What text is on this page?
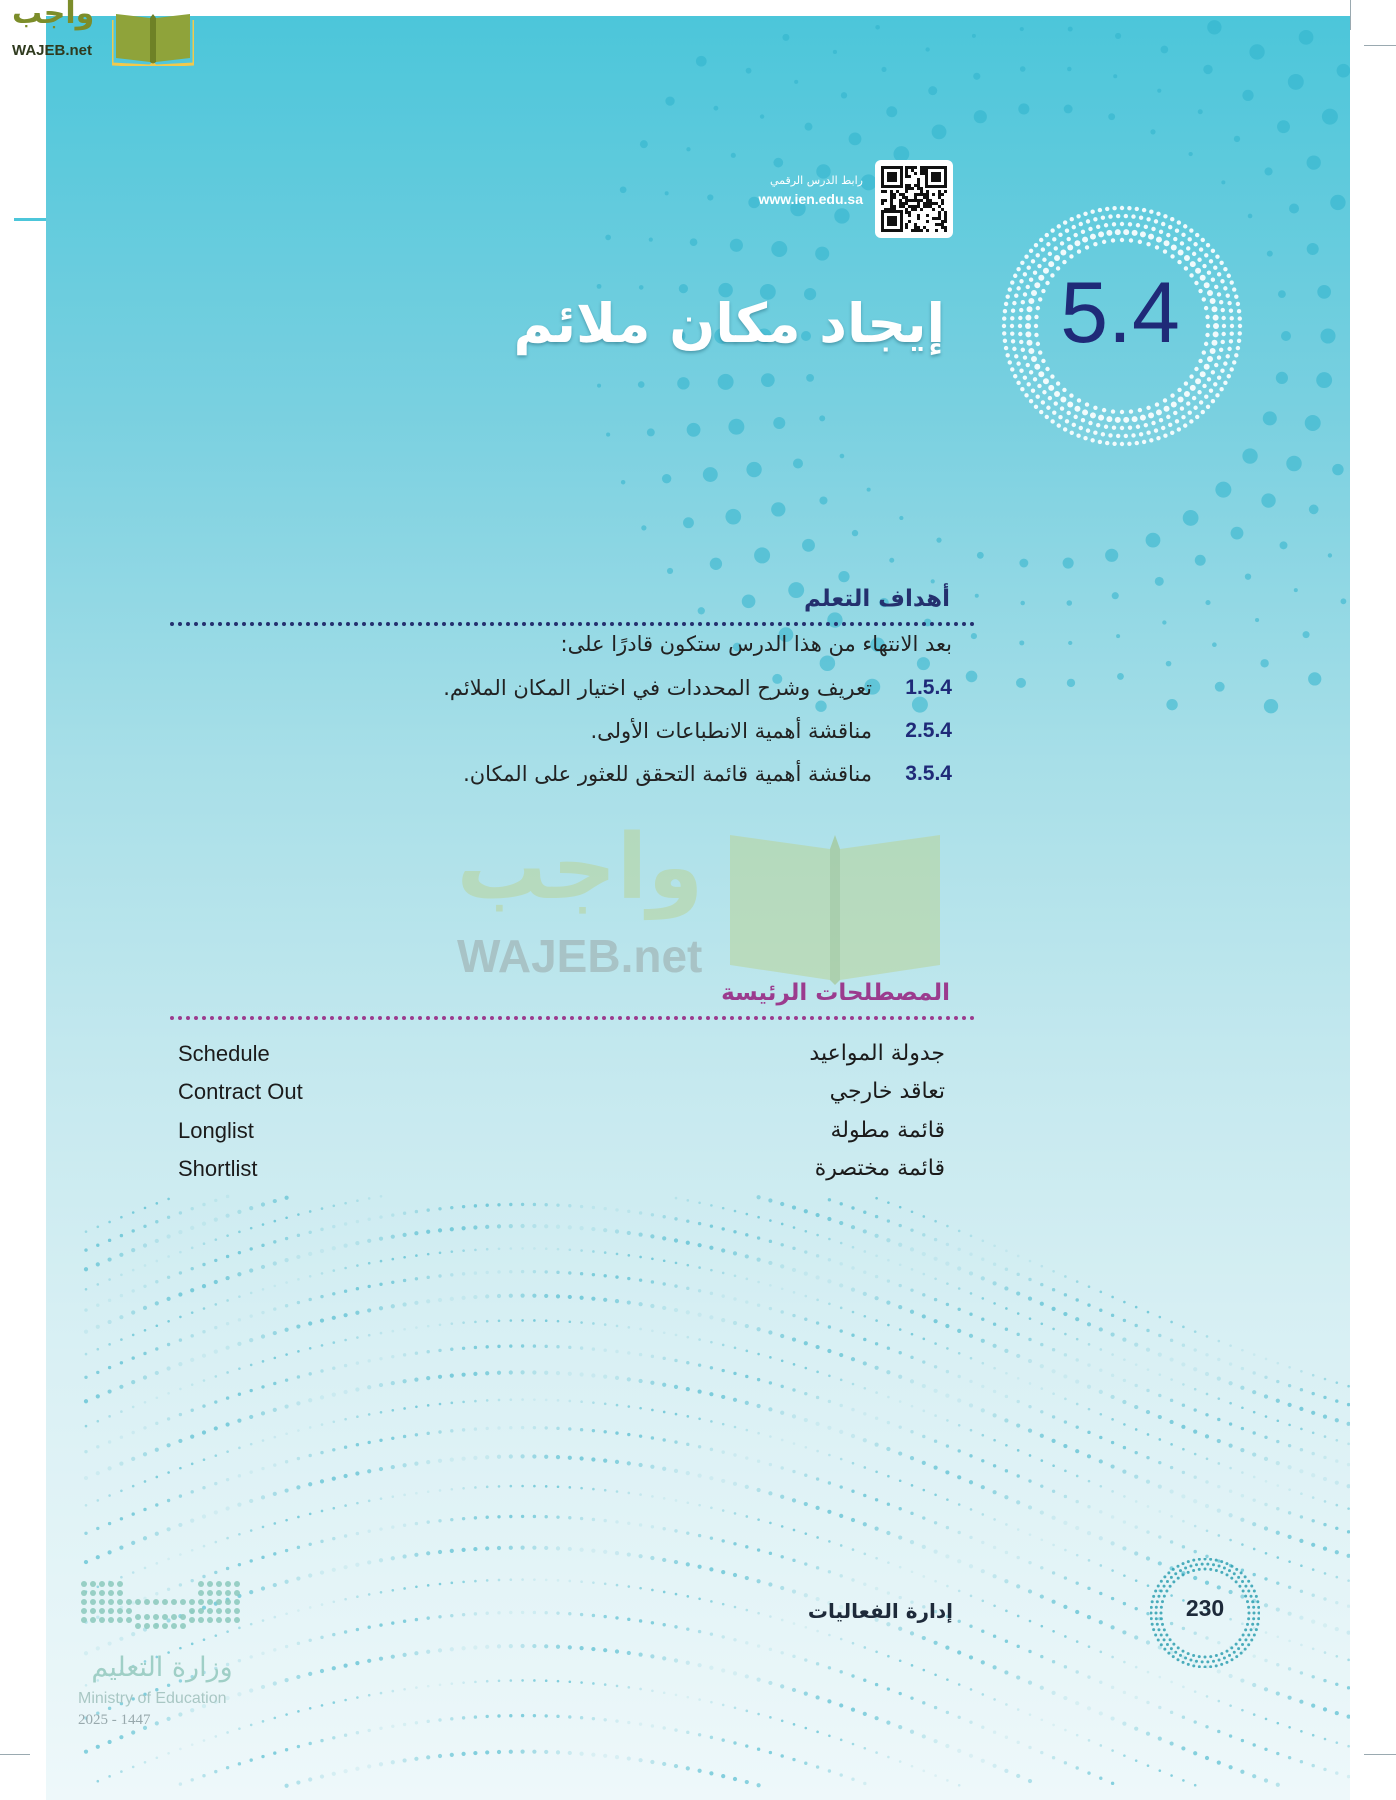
واجب
WAJEB.net
رابط الدرس الرقمي
www.ien.edu.sa
5.4
إيجاد مكان ملائم
أهداف التعلم
بعد الانتهاء من هذا الدرس ستكون قادرًا على:
1.5.4
تعريف وشرح المحددات في اختيار المكان الملائم.
2.5.4
مناقشة أهمية الانطباعات الأولى.
3.5.4
مناقشة أهمية قائمة التحقق للعثور على المكان.
واجب
WAJEB.net
المصطلحات الرئيسة
Schedule	جدولة المواعيد
Contract Out	تعاقد خارجي
Longlist	قائمة مطولة
Shortlist	قائمة مختصرة
إدارة الفعاليات	230
وزارة التعليم
Ministry of Education
2025 - 1447
